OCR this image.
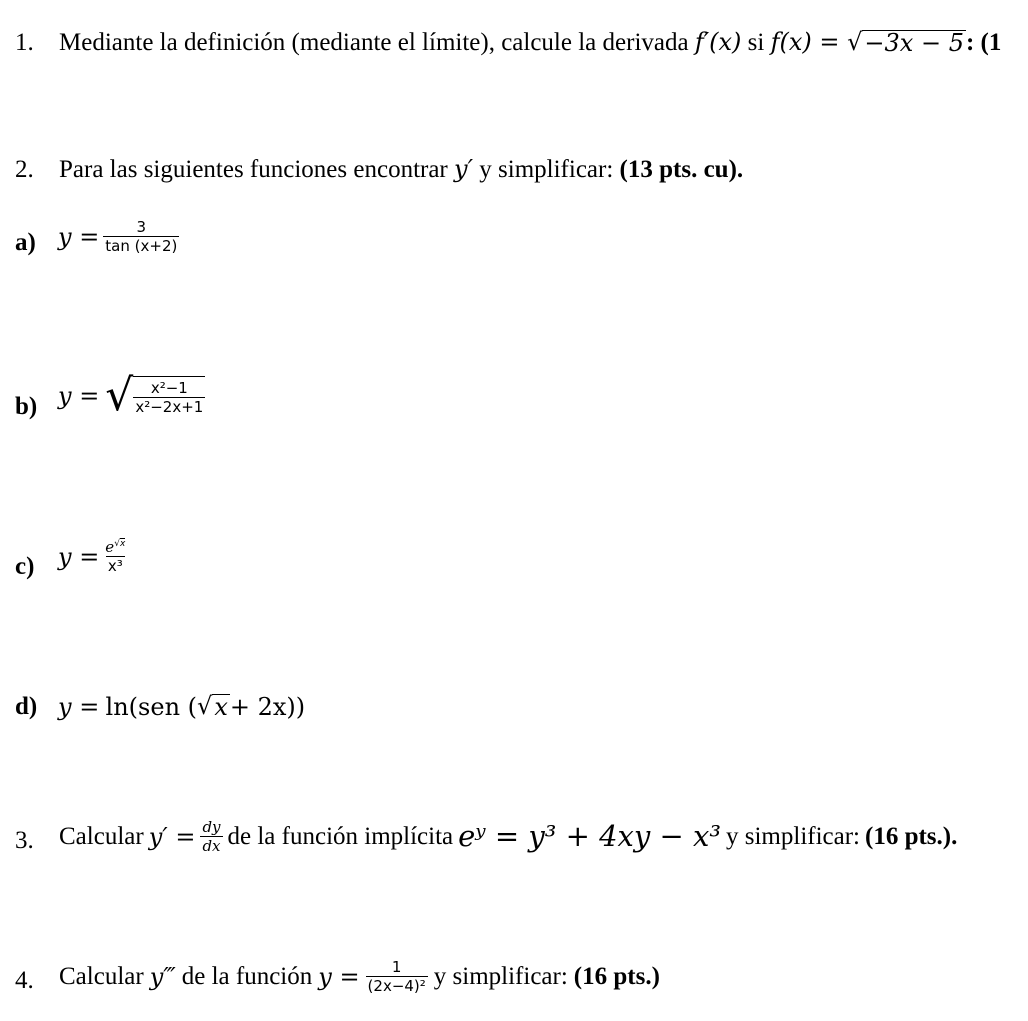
1. Mediante la definición (mediante el límite), calcule la derivada f′(x) si f(x) = √ −3x − 5 : (1
2. Para las siguientes funciones encontrar y′ y simplificar: (13 pts. cu).
a) $y = \frac{3}{\tan (x+2)}$
b) y = √ $\frac{\text{x²−1}}{\text{x²−2x+1}}$
c) $y = \frac{e^{√x}}{\text{x³}}$
d) y =
ln(sen ( √ x + 2x))
3. Calcular $y' = \frac{dy}{dx}$ de la función implícita eʸ = y³ + 4xy − x³ y simplificar: (16 pts.).
4. Calcular y‴ de la función $y = \frac{1}{\text{(2x−4)²}}$ y simplificar: (16 pts.)
